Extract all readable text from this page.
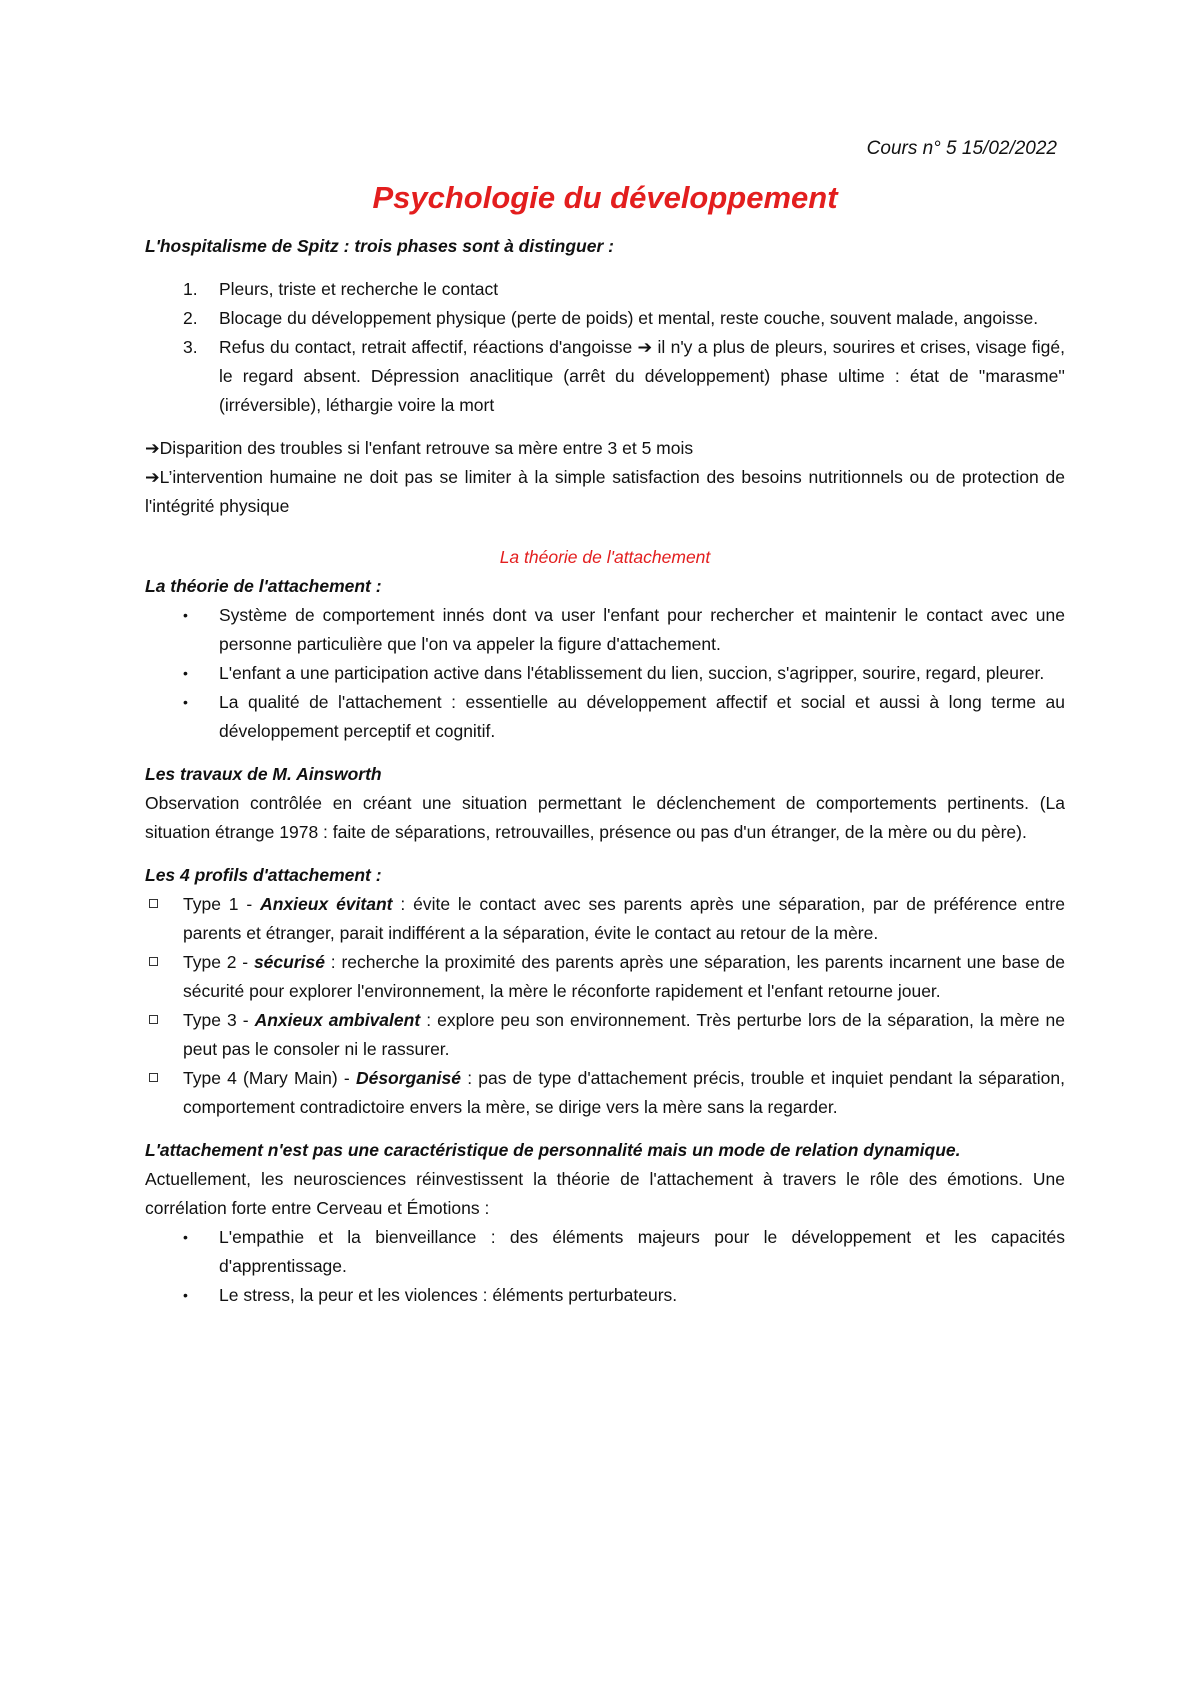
Cours n° 5 15/02/2022
Psychologie du développement

L'hospitalisme de Spitz : trois phases sont à distinguer :

1. Pleurs, triste et recherche le contact
2. Blocage du développement physique (perte de poids) et mental, reste couche, souvent malade, angoisse.
3. Refus du contact, retrait affectif, réactions d'angoisse ➔ il n'y a plus de pleurs, sourires et crises, visage figé, le regard absent. Dépression anaclitique (arrêt du développement) phase ultime : état de ''marasme'' (irréversible), léthargie voire la mort

➔Disparition des troubles si l'enfant retrouve sa mère entre 3 et 5 mois

➔L’intervention humaine ne doit pas se limiter à la simple satisfaction des besoins nutritionnels ou de protection de l'intégrité physique

La théorie de l'attachement

La théorie de l'attachement :

• Système de comportement innés dont va user l'enfant pour rechercher et maintenir le contact avec une personne particulière que l'on va appeler la figure d'attachement.
• L'enfant a une participation active dans l'établissement du lien, succion, s'agripper, sourire, regard, pleurer.
• La qualité de l'attachement : essentielle au développement affectif et social et aussi à long terme au développement perceptif et cognitif.

Les travaux de M. Ainsworth

Observation contrôlée en créant une situation permettant le déclenchement de comportements pertinents. (La situation étrange 1978 : faite de séparations, retrouvailles, présence ou pas d'un étranger, de la mère ou du père).

Les 4 profils d'attachement :

Type 1 - Anxieux évitant : évite le contact avec ses parents après une séparation, par de préférence entre parents et étranger, parait indifférent a la séparation, évite le contact au retour de la mère.
Type 2 - sécurisé : recherche la proximité des parents après une séparation, les parents incarnent une base de sécurité pour explorer l'environnement, la mère le réconforte rapidement et l'enfant retourne jouer.
Type 3 - Anxieux ambivalent : explore peu son environnement. Très perturbe lors de la séparation, la mère ne peut pas le consoler ni le rassurer.
Type 4 (Mary Main) - Désorganisé : pas de type d'attachement précis, trouble et inquiet pendant la séparation, comportement contradictoire envers la mère, se dirige vers la mère sans la regarder.

L'attachement n'est pas une caractéristique de personnalité mais un mode de relation dynamique.

Actuellement, les neurosciences réinvestissent la théorie de l'attachement à travers le rôle des émotions. Une corrélation forte entre Cerveau et Émotions :

• L'empathie et la bienveillance : des éléments majeurs pour le développement et les capacités d'apprentissage.
• Le stress, la peur et les violences : éléments perturbateurs.
